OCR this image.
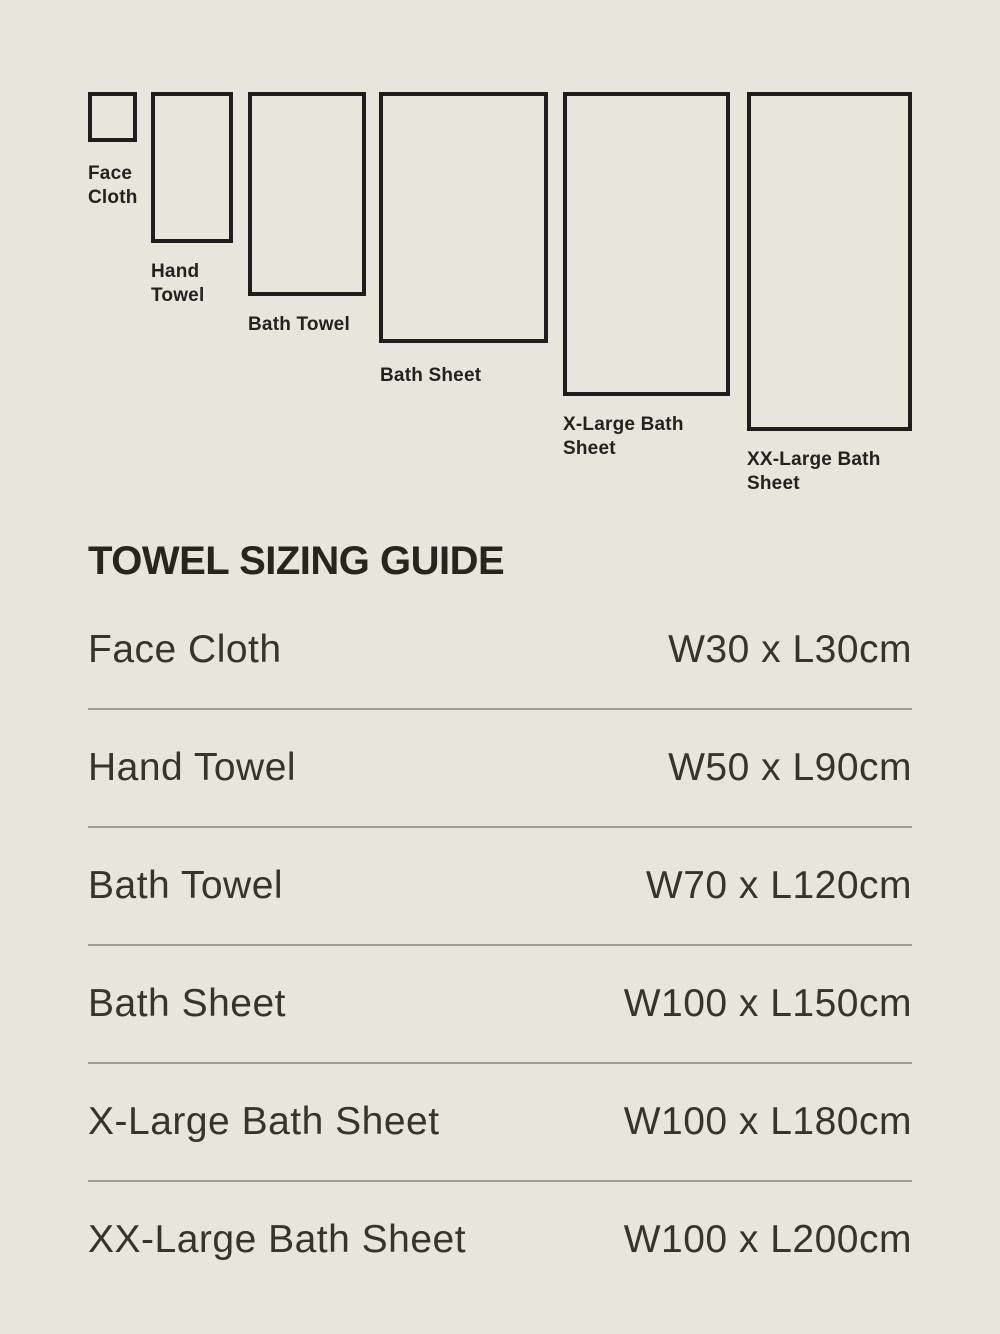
Face Cloth
Hand Towel
Bath Towel
Bath Sheet
X-Large Bath Sheet
XX-Large Bath Sheet
TOWEL SIZING GUIDE
Face Cloth	W30 x L30cm
Hand Towel	W50 x L90cm
Bath Towel	W70 x L120cm
Bath Sheet	W100 x L150cm
X-Large Bath Sheet	W100 x L180cm
XX-Large Bath Sheet	W100 x L200cm
